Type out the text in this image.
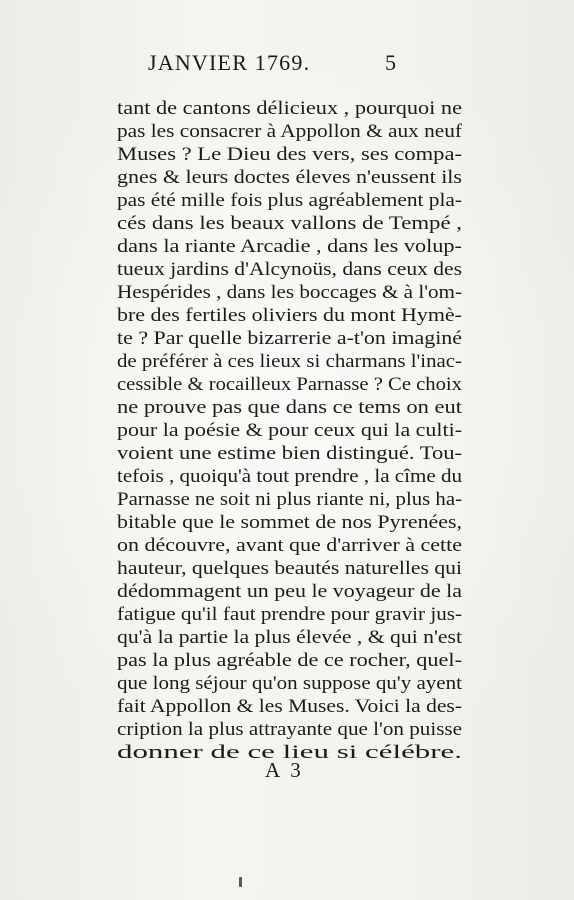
JANVIER 1769.	5
tant de cantons délicieux , pourquoi ne
pas les consacrer à Appollon & aux neuf
Muses ? Le Dieu des vers, ses compa-
gnes & leurs doctes éleves n'eussent ils
pas été mille fois plus agréablement pla-
cés dans les beaux vallons de Tempé ,
dans la riante Arcadie , dans les volup-
tueux jardins d'Alcynoüs, dans ceux des
Hespérides , dans les boccages & à l'om-
bre des fertiles oliviers du mont Hymè-
te ? Par quelle bizarrerie a-t'on imaginé
de préférer à ces lieux si charmans l'inac-
cessible & rocailleux Parnasse ? Ce choix
ne prouve pas que dans ce tems on eut
pour la poésie & pour ceux qui la culti-
voient une estime bien distingué. Tou-
tefois , quoiqu'à tout prendre , la cîme du
Parnasse ne soit ni plus riante ni, plus ha-
bitable que le sommet de nos Pyrenées,
on découvre, avant que d'arriver à cette
hauteur, quelques beautés naturelles qui
dédommagent un peu le voyageur de la
fatigue qu'il faut prendre pour gravir jus-
qu'à la partie la plus élevée , & qui n'est
pas la plus agréable de ce rocher, quel-
que long séjour qu'on suppose qu'y ayent
fait Appollon & les Muses. Voici la des-
cription la plus attrayante que l'on puisse
donner de ce lieu si célébre.
A 3
